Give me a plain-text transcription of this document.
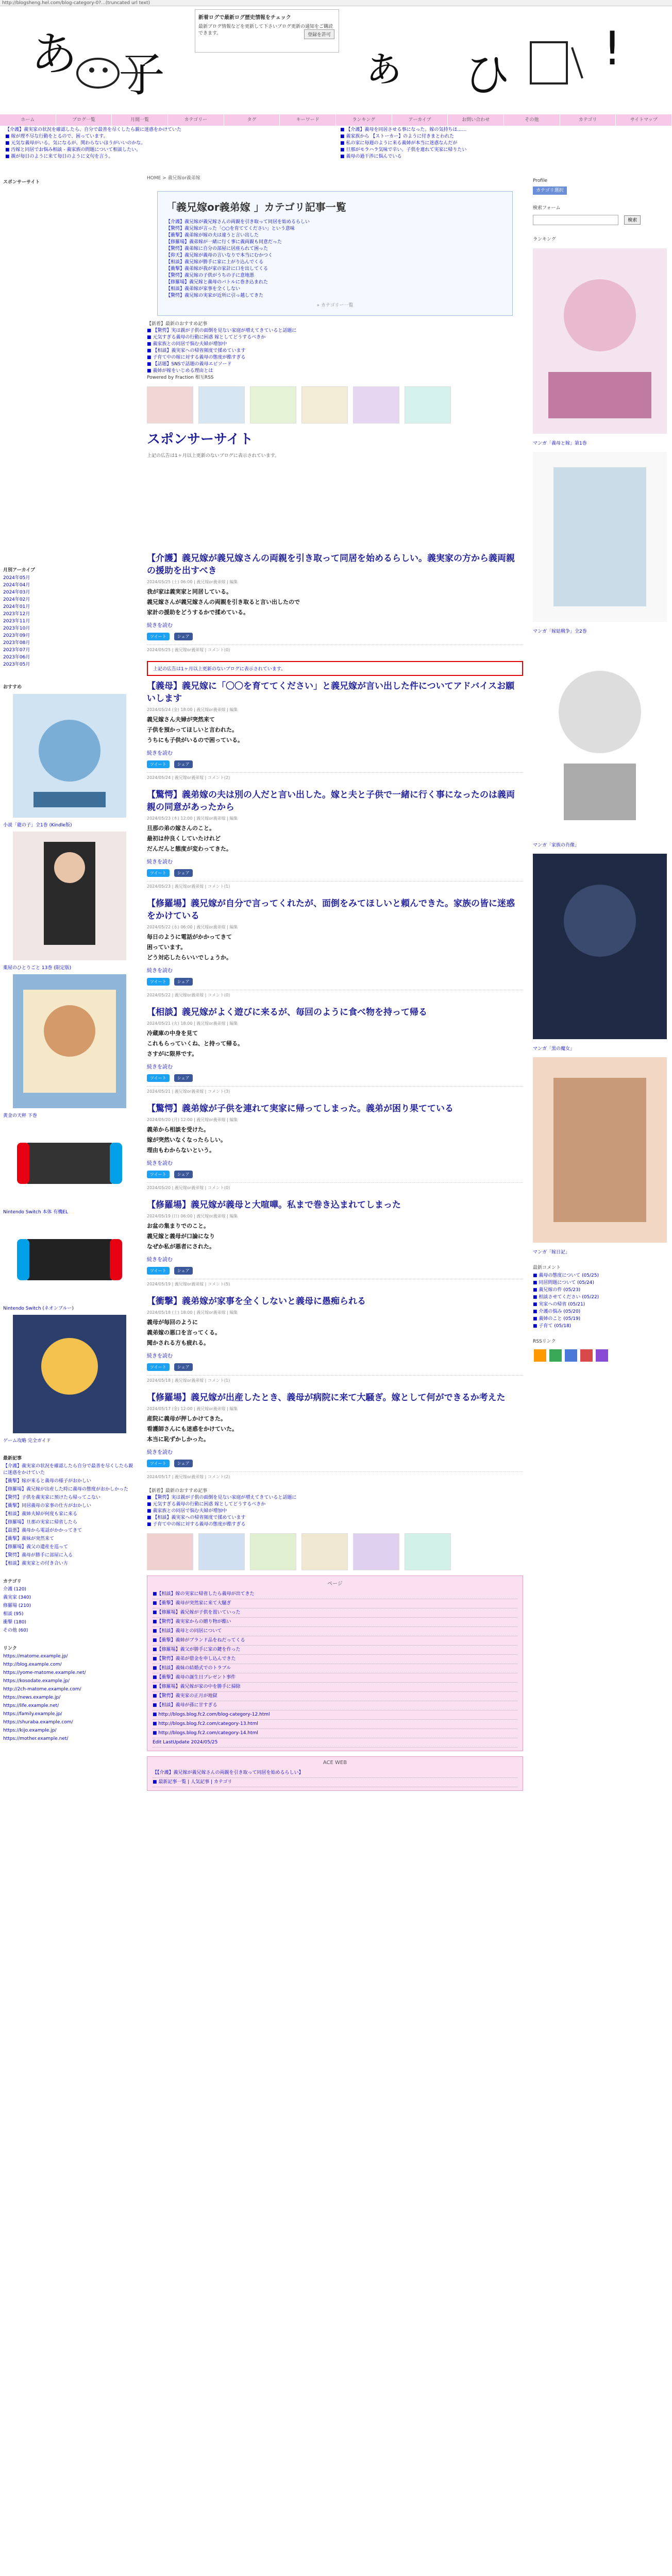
http://blogsheng.hel.com/blog-category-0?...(truncated url text)
あ 子	ぁ ひ !
新着ログで最新ログ歴史情報をチェック
最新ブログ情報などを更新して下さいブログ更新の通知をご購読できます。	登録を許可
ホーム	ブログ一覧	月間一覧	カテゴリー	タグ	キーワード	ランキング	アーカイブ	お問い合わせ	その他	カテゴリ	サイトマップ
【介護】義実家の状況を確認したら、自分で最善を尽くしたら親に迷惑をかけていた
■ 嫁が理不尽な行動をとるので、困っています。
■ 元気な義母がいる。気になるが、関わらないほうがいいのかな。
■ 汚嫁と同居でお悩み相談 - 義家族の問題について相談したい。
■ 親が毎日のように来て毎日のように文句を言う。
■ 【介護】義母を同居させる事になった。嫁の気持ちは……
■ 義家族から 【ストーカー】のように付きまとわれた
■ 私の家に毎週のように来る義姉が本当に迷惑なんだが
■ 旦那がモラハラ気味で辛い。子供を連れて実家に帰りたい
■ 義母の過干渉に悩んでいる
スポンサーサイト
月別アーカイブ
2024年05月
2024年04月
2024年03月
2024年02月
2024年01月
2023年12月
2023年11月
2023年10月
2023年09月
2023年08月
2023年07月
2023年06月
2023年05月
おすすめ
小説「龍の子」全1巻 (Kindle版)
薬屋のひとりごと 13巻 (限定版)
黄金の天秤 下巻
Nintendo Switch 本体 有機EL
Nintendo Switch (ネオンブルー)
ゲーム攻略 完全ガイド
最新記事
【介護】義実家の状況を確認したら自分で最善を尽くしたら親に迷惑をかけていた
【衝撃】嫁が来ると義母の様子がおかしい
【修羅場】義兄嫁が出産した時に義母の態度がおかしかった
【驚愕】子供を義実家に預けたら帰ってこない
【衝撃】同居義母の家事の仕方がおかしい
【相談】義姉夫婦が何度も家に来る
【修羅場】旦那の実家に帰省したら
【最悪】義母から電話がかかってきて
【衝撃】義妹が突然来て
【修羅場】義父の遺産を巡って
【驚愕】義母が勝手に部屋に入る
【相談】義実家との付き合い方
カテゴリ
介護 (120)
義実家 (340)
修羅場 (210)
相談 (95)
衝撃 (180)
その他 (60)
リンク
https://matome.example.jp/
http://blog.example.com/
https://yome-matome.example.net/
https://kosodate.example.jp/
http://2ch-matome.example.com/
https://news.example.jp/
https://life.example.net/
https://family.example.jp/
https://shuraba.example.com/
https://kijo.example.jp/
https://mother.example.net/
HOME > 義兄嫁or義弟嫁
「義兄嫁or義弟嫁 」カテゴリ記事一覧
【介護】義兄嫁が義兄嫁さんの両親を引き取って同居を始めるらしい
【驚愕】義兄嫁が言った「○○を育ててください」という意味
【衝撃】義弟嫁が嫁の夫は違うと言い出した
【修羅場】義弟嫁が一緒に行く事に義両親も同意だった
【驚愕】義弟嫁に自分の部屋に居座られて困った
【仰天】義兄嫁が義母の言いなりで本当にむかつく
【相談】義兄嫁が勝手に家に上がり込んでくる
【衝撃】義弟嫁が我が家の家計に口を出してくる
【驚愕】義兄嫁の子供がうちの子に意地悪
【修羅場】義兄嫁と義母のバトルに巻き込まれた
【相談】義弟嫁が家事を全くしない
【驚愕】義兄嫁の実家が近所に引っ越してきた
» カテゴリー一覧
【新着】最新のおすすめ記事
■ 【驚愕】実は親が子供の面倒を見ない家庭が増えてきていると話題に
■ 元気すぎる義母の行動に困惑 嫁としてどうするべきか
■ 義家族との同居で悩む夫婦が増加中
■ 【相談】義実家への帰省頻度で揉めています
■ 子育て中の嫁に対する義母の態度が酷すぎる
■ 【話題】SNSで話題の義母エピソード
■ 義姉が嫁をいじめる理由とは
Powered by Fraction 相互RSS
スポンサーサイト
上記の広告は1ヶ月以上更新のないブログに表示されています。
【介護】義兄嫁が義兄嫁さんの両親を引き取って同居を始めるらしい。義実家の方から義両親の援助を出すべき
2024/05/25 (土) 06:00 | 義兄嫁or義弟嫁 | 編集
我が家は義実家と同居している。
義兄嫁さんが義兄嫁さんの両親を引き取ると言い出したので
家計の援助をどうするかで揉めている。
続きを読む
ツイート	シェア
2024/05/25 | 義兄嫁or義弟嫁 | コメント(0)
上記の広告は1ヶ月以上更新のないブログに表示されています。
【義母】義兄嫁に「〇〇を育ててください」と義兄嫁が言い出した件についてアドバイスお願いします
2024/05/24 (金) 18:00 | 義兄嫁or義弟嫁 | 編集
義兄嫁さん夫婦が突然来て
子供を預かってほしいと言われた。
うちにも子供がいるので困っている。
続きを読む
ツイート	シェア
2024/05/24 | 義兄嫁or義弟嫁 | コメント(2)
【驚愕】義弟嫁の夫は別の人だと言い出した。嫁と夫と子供で一緒に行く事になったのは義両親の同意があったから
2024/05/23 (木) 12:00 | 義兄嫁or義弟嫁 | 編集
旦那の弟の嫁さんのこと。
最初は仲良くしていたけれど
だんだんと態度が変わってきた。
続きを読む
ツイート	シェア
2024/05/23 | 義兄嫁or義弟嫁 | コメント(1)
【修羅場】義兄嫁が自分で言ってくれたが、面倒をみてほしいと頼んできた。家族の皆に迷惑をかけている
2024/05/22 (水) 06:00 | 義兄嫁or義弟嫁 | 編集
毎日のように電話がかかってきて
困っています。
どう対応したらいいでしょうか。
続きを読む
ツイート	シェア
2024/05/22 | 義兄嫁or義弟嫁 | コメント(0)
【相談】義兄嫁がよく遊びに来るが、毎回のように食べ物を持って帰る
2024/05/21 (火) 18:00 | 義兄嫁or義弟嫁 | 編集
冷蔵庫の中身を見て
これもらっていくね、と持って帰る。
さすがに限界です。
続きを読む
ツイート	シェア
2024/05/21 | 義兄嫁or義弟嫁 | コメント(3)
【驚愕】義弟嫁が子供を連れて実家に帰ってしまった。義弟が困り果てている
2024/05/20 (月) 12:00 | 義兄嫁or義弟嫁 | 編集
義弟から相談を受けた。
嫁が突然いなくなったらしい。
理由もわからないという。
続きを読む
ツイート	シェア
2024/05/20 | 義兄嫁or義弟嫁 | コメント(0)
【修羅場】義兄嫁が義母と大喧嘩。私まで巻き込まれてしまった
2024/05/19 (日) 06:00 | 義兄嫁or義弟嫁 | 編集
お盆の集まりでのこと。
義兄嫁と義母が口論になり
なぜか私が悪者にされた。
続きを読む
ツイート	シェア
2024/05/19 | 義兄嫁or義弟嫁 | コメント(5)
【衝撃】義弟嫁が家事を全くしないと義母に愚痴られる
2024/05/18 (土) 18:00 | 義兄嫁or義弟嫁 | 編集
義母が毎回のように
義弟嫁の悪口を言ってくる。
聞かされる方も疲れる。
続きを読む
ツイート	シェア
2024/05/18 | 義兄嫁or義弟嫁 | コメント(1)
【修羅場】義兄嫁が出産したとき、義母が病院に来て大騒ぎ。嫁として何ができるか考えた
2024/05/17 (金) 12:00 | 義兄嫁or義弟嫁 | 編集
産院に義母が押しかけてきた。
看護師さんにも迷惑をかけていた。
本当に恥ずかしかった。
続きを読む
ツイート	シェア
2024/05/17 | 義兄嫁or義弟嫁 | コメント(2)
【新着】最新のおすすめ記事
■ 【驚愕】実は親が子供の面倒を見ない家庭が増えてきていると話題に
■ 元気すぎる義母の行動に困惑 嫁としてどうするべきか
■ 義家族との同居で悩む夫婦が増加中
■ 【相談】義実家への帰省頻度で揉めています
■ 子育て中の嫁に対する義母の態度が酷すぎる
ページ
■【相談】嫁の実家に帰省したら義母が出てきた
■【衝撃】義母が突然家に来て大騒ぎ
■【修羅場】義兄嫁が子供を置いていった
■【驚愕】義実家からの贈り物が酷い
■【相談】義母との同居について
■【衝撃】義姉がブランド品をねだってくる
■【修羅場】義父が勝手に家の鍵を作った
■【驚愕】義弟が借金を申し込んできた
■【相談】義妹の結婚式でのトラブル
■【衝撃】義母の誕生日プレゼント事件
■【修羅場】義兄嫁が家の中を勝手に掃除
■【驚愕】義実家の正月が地獄
■【相談】義母が孫に甘すぎる
■ http://blogs.blog.fc2.com/blog-category-12.html
■ http://blogs.blog.fc2.com/category-13.html
■ http://blogs.blog.fc2.com/category-14.html
Edit LastUpdate 2024/05/25
ACE WEB
【【介護】義兄嫁が義兄嫁さんの両親を引き取って同居を始めるらしい】
■ 最新記事一覧 | 人気記事 | カテゴリ
Profile
カテゴリ選択
検索フォーム
検索
ランキング
マンガ「義母と嫁」第1巻
マンガ「嫁姑戦争」全2巻
マンガ「家族の肖像」
マンガ「黒の魔女」
マンガ「嫁日記」
最新コメント
■ 義母の態度について (05/25)
■ 同居問題について (05/24)
■ 義兄嫁の件 (05/23)
■ 相談させてください (05/22)
■ 実家への帰省 (05/21)
■ 介護の悩み (05/20)
■ 義姉のこと (05/19)
■ 子育て (05/18)
RSSリンク
